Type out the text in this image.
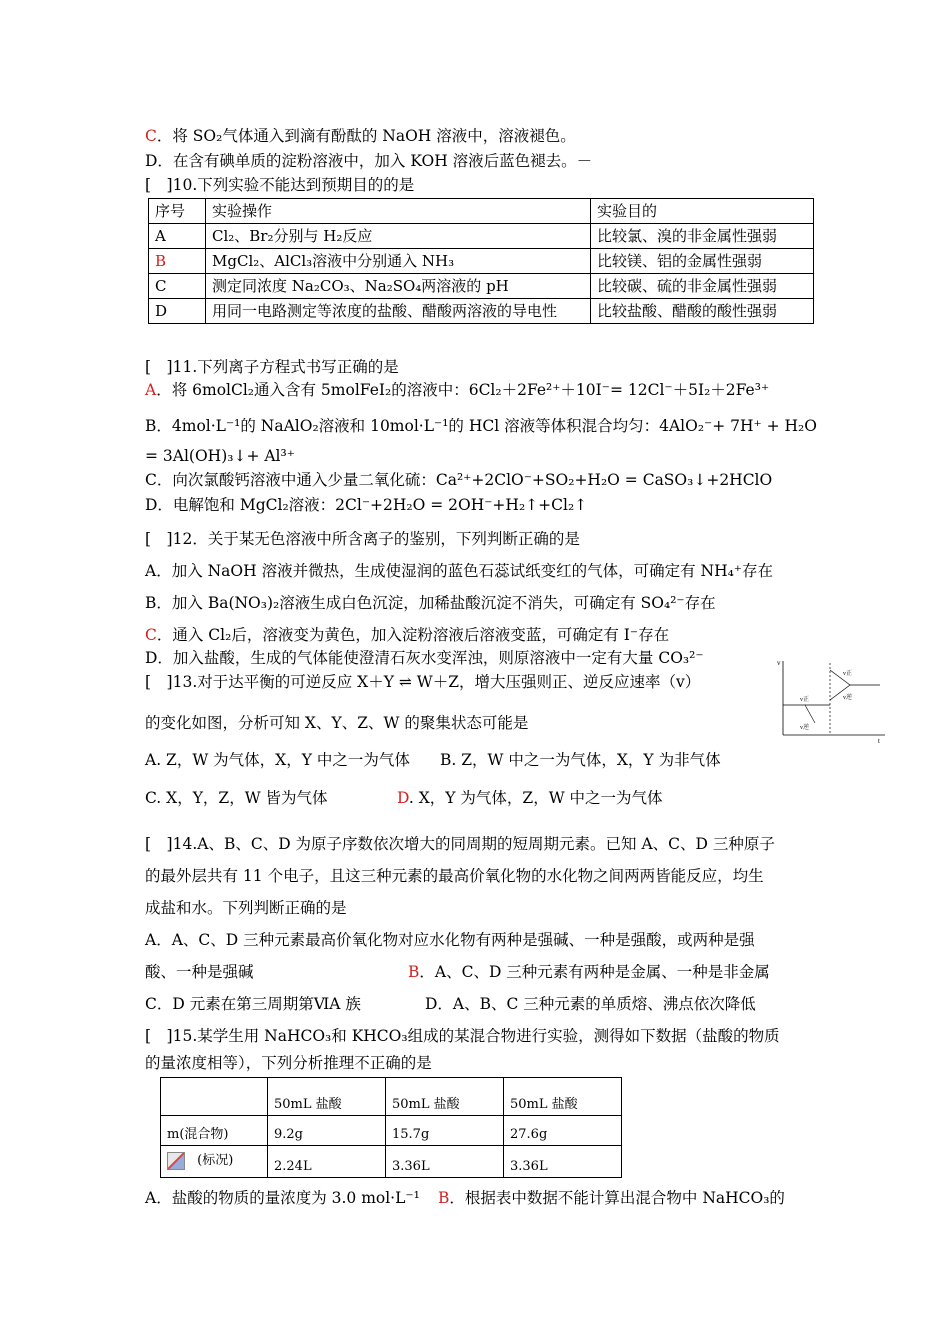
C．将 SO₂气体通入到滴有酚酞的 NaOH 溶液中，溶液褪色。
D．在含有碘单质的淀粉溶液中，加入 KOH 溶液后蓝色褪去。－
[　]10.下列实验不能达到预期目的的是
序号	实验操作	实验目的
A	Cl₂、Br₂分别与 H₂反应	比较氯、溴的非金属性强弱
B	MgCl₂、AlCl₃溶液中分别通入 NH₃	比较镁、铝的金属性强弱
C	测定同浓度 Na₂CO₃、Na₂SO₄两溶液的 pH	比较碳、硫的非金属性强弱
D	用同一电路测定等浓度的盐酸、醋酸两溶液的导电性	比较盐酸、醋酸的酸性强弱
[　]11.下列离子方程式书写正确的是
A．将 6molCl₂通入含有 5molFeI₂的溶液中：6Cl₂＋2Fe²⁺＋10I⁻= 12Cl⁻＋5I₂＋2Fe³⁺
B．4mol·L⁻¹的 NaAlO₂溶液和 10mol·L⁻¹的 HCl 溶液等体积混合均匀：4AlO₂⁻+ 7H⁺ + H₂O
= 3Al(OH)₃↓+ Al³⁺
C．向次氯酸钙溶液中通入少量二氧化硫：Ca²⁺+2ClO⁻+SO₂+H₂O = CaSO₃↓+2HClO
D．电解饱和 MgCl₂溶液：2Cl⁻+2H₂O = 2OH⁻+H₂↑+Cl₂↑
[　]12．关于某无色溶液中所含离子的鉴别，下列判断正确的是
A．加入 NaOH 溶液并微热，生成使湿润的蓝色石蕊试纸变红的气体，可确定有 NH₄⁺存在
B．加入 Ba(NO₃)₂溶液生成白色沉淀，加稀盐酸沉淀不消失，可确定有 SO₄²⁻存在
C．通入 Cl₂后，溶液变为黄色，加入淀粉溶液后溶液变蓝，可确定有 I⁻存在
D．加入盐酸，生成的气体能使澄清石灰水变浑浊，则原溶液中一定有大量 CO₃²⁻
[　]13.对于达平衡的可逆反应 X＋Y ⇌ W＋Z，增大压强则正、逆反应速率（v）
的变化如图，分析可知 X、Y、Z、W 的聚集状态可能是
A. Z，W 为气体，X，Y 中之一为气体 B. Z，W 中之一为气体，X，Y 为非气体
C. X，Y，Z，W 皆为气体	D. X，Y 为气体，Z，W 中之一为气体
v
t
v正
v逆
v正
v逆
[　]14.A、B、C、D 为原子序数依次增大的同周期的短周期元素。已知 A、C、D 三种原子
的最外层共有 11 个电子，且这三种元素的最高价氧化物的水化物之间两两皆能反应，均生
成盐和水。下列判断正确的是
A．A、C、D 三种元素最高价氧化物对应水化物有两种是强碱、一种是强酸，或两种是强
酸、一种是强碱	B．A、C、D 三种元素有两种是金属、一种是非金属
C．D 元素在第三周期第ⅥA 族	D．A、B、C 三种元素的单质熔、沸点依次降低
[　]15.某学生用 NaHCO₃和 KHCO₃组成的某混合物进行实验，测得如下数据（盐酸的物质
的量浓度相等），下列分析推理不正确的是
	50mL 盐酸	50mL 盐酸	50mL 盐酸
m(混合物)	9.2g	15.7g	27.6g
(标况)	2.24L	3.36L	3.36L
A．盐酸的物质的量浓度为 3.0 mol·L⁻¹ B．根据表中数据不能计算出混合物中 NaHCO₃的
